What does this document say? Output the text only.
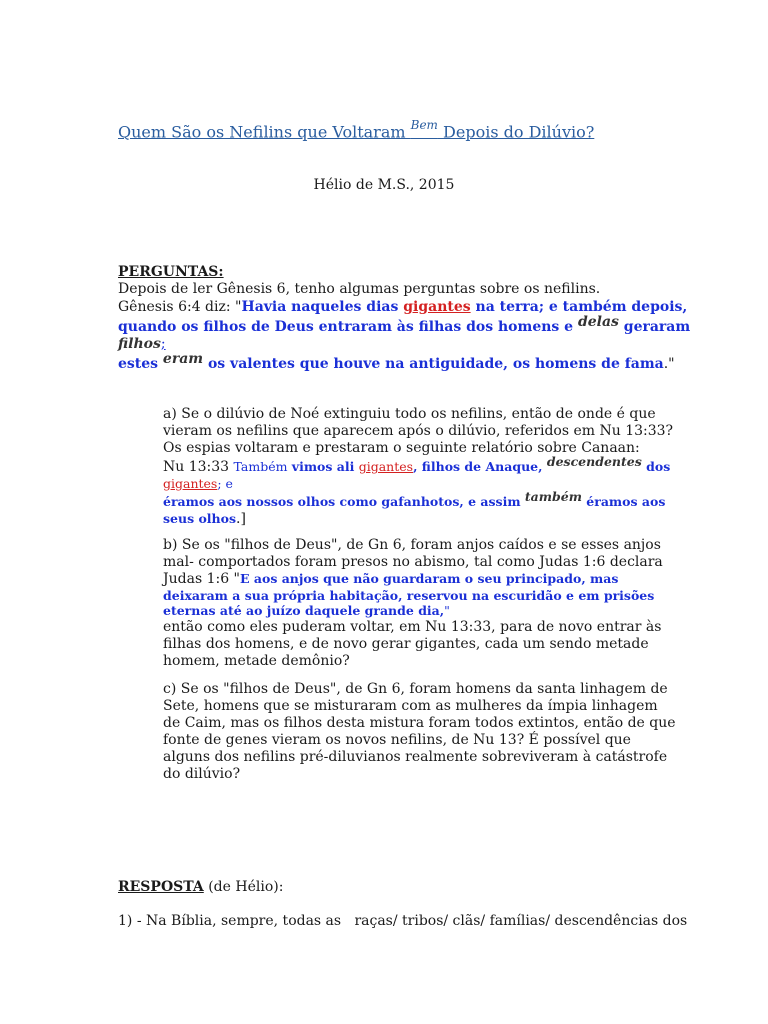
Quem São os Nefilins que Voltaram $^{Bem}$ Depois do Dilúvio?
Hélio de M.S., 2015
PERGUNTAS:
Depois de ler Gênesis 6, tenho algumas perguntas sobre os nefilins.
Gênesis 6:4 diz: "Havia naqueles dias gigantes na terra; e também depois,
quando os filhos de Deus entraram às filhas dos homens e delas geraram
filhos;
estes eram os valentes que houve na antiguidade, os homens de fama."
a) Se o dilúvio de Noé extinguiu todo os nefilins, então de onde é que
vieram os nefilins que aparecem após o dilúvio, referidos em Nu 13:33?
Os espias voltaram e prestaram o seguinte relatório sobre Canaan:
Nu 13:33 Também vimos ali gigantes, filhos de Anaque, descendentes dos
gigantes; e
éramos aos nossos olhos como gafanhotos, e assim também éramos aos
seus olhos.]
b) Se os "filhos de Deus", de Gn 6, foram anjos caídos e se esses anjos
mal- comportados foram presos no abismo, tal como Judas 1:6 declara
Judas 1:6 "E aos anjos que não guardaram o seu principado, mas
deixaram a sua própria habitação, reservou na escuridão e em prisões
eternas até ao juízo daquele grande dia,"
então como eles puderam voltar, em Nu 13:33, para de novo entrar às
filhas dos homens, e de novo gerar gigantes, cada um sendo metade
homem, metade demônio?
c) Se os "filhos de Deus", de Gn 6, foram homens da santa linhagem de
Sete, homens que se misturaram com as mulheres da ímpia linhagem
de Caim, mas os filhos desta mistura foram todos extintos, então de que
fonte de genes vieram os novos nefilins, de Nu 13? É possível que
alguns dos nefilins pré-diluvianos realmente sobreviveram à catástrofe
do dilúvio?
RESPOSTA (de Hélio):
1) - Na Bíblia, sempre, todas as   raças/ tribos/ clãs/ famílias/ descendências dos
